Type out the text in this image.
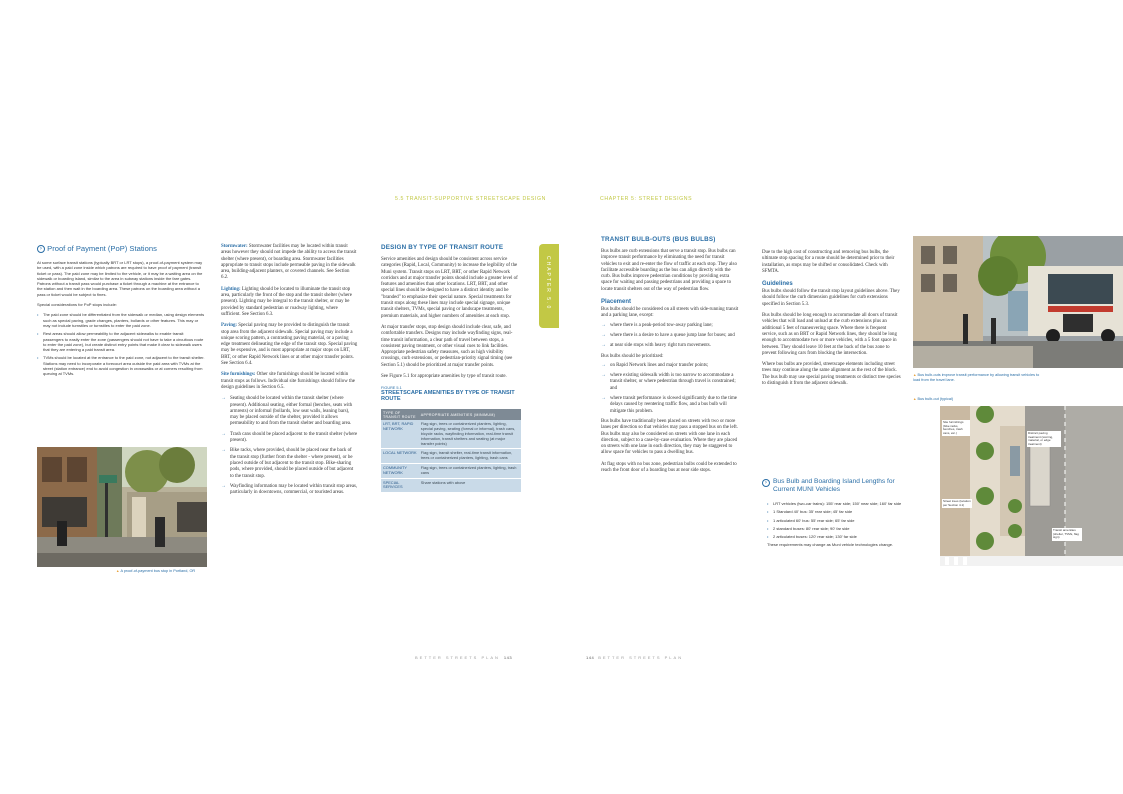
5.5 TRANSIT-SUPPORTIVE STREETSCAPE DESIGN	CHAPTER 5: STREET DESIGNS
› Proof of Payment (PoP) Stations

At some surface transit stations (typically BRT or LRT stops), a proof-of-payment system may be used, with a paid zone inside which patrons are required to have proof of payment (transit ticket or pass). The paid zone may be limited to the vehicle, or it may be a waiting area on the sidewalk or boarding island, similar to the area in subway stations inside the fare gates. Patrons without a transit pass would purchase a ticket through a machine at the entrance to the station and then wait in the boarding area. These patrons on the boarding area without a pass or ticket would be subject to fines.

Special considerations for PoP stops include:

• The paid zone should be differentiated from the sidewalk or median, using design elements such as special paving, grade changes, planters, bollards or other features. This may or may not include turnstiles or turnstiles to enter the paid zone.
• Rest areas should allow permeability to the adjacent sidewalks to enable transit passengers to easily enter the zone (passengers should not have to take a circuitous route to enter the paid zone), but create distinct entry points that make it clear to sidewalk users that they are entering a paid transit area.
• TVMs should be located at the entrance to the paid zone, not adjacent to the transit shelter. Stations may need to incorporate a forecourt area outside the paid area with TVMs at the street (station entrance) end to avoid congestion in crosswalks or at corners resulting from queuing at TVMs.
▲ A proof-of-payment bus stop in Portland, OR

Stormwater: Stormwater facilities may be located within transit areas however they should not impede the ability to access the transit shelter (where present), or boarding area. Stormwater facilities appropriate to transit stops include permeable paving in the sidewalk area, building-adjacent planters, or covered channels. See Section 6.2.

Lighting: Lighting should be located to illuminate the transit stop area, particularly the front of the stop and the transit shelter (where present). Lighting may be integral to the transit shelter, or may be provided by standard pedestrian or roadway lighting, where sufficient. See Section 6.3.

Paving: Special paving may be provided to distinguish the transit stop area from the adjacent sidewalk. Special paving may include a unique scoring pattern, a contrasting paving material, or a paving edge treatment delineating the edge of the transit stop. Special paving may be expensive, and is most appropriate at major stops on LRT, BRT, or other Rapid Network lines or at other major transfer points. See Section 6.4.

Site furnishings: Other site furnishings should be located within transit stops as follows. Individual site furnishings should follow the design guidelines in Section 6.5.

→ Seating should be located within the transit shelter (where present). Additional seating, either formal (benches, seats with armrests) or informal (bollards, low seat walls, leaning bars), may be placed outside of the shelter, provided it allows permeability to and from the transit shelter and boarding area.
→ Trash cans should be placed adjacent to the transit shelter (where present).
→ Bike racks, where provided, should be placed near the back of the transit stop (further from the shelter - where present), or be placed outside of but adjacent to the transit stop. Bike-sharing pods, where provided, should be placed outside of but adjacent to the transit stop.
→ Wayfinding information may be located within transit stop areas, particularly in downtowns, commercial, or touristed areas.
DESIGN BY TYPE OF TRANSIT ROUTE

Service amenities and design should be consistent across service categories (Rapid, Local, Community) to increase the legibility of the Muni system. Transit stops on LRT, BRT, or other Rapid Network corridors and at major transfer points should include a greater level of features and amenities than other locations. LRT, BRT, and other special lines should be designed to have a distinct identity and be "branded" to emphasize their special nature. Special treatments for transit stops along these lines may include special signage, unique transit shelters, TVMs, special paving or landscape treatments, premium materials, and higher numbers of amenities at each stop.

At major transfer stops, stop design should include clear, safe, and comfortable transfers. Designs may include wayfinding signs, real-time transit information, a clear path of travel between stops, a consistent paving treatment, or other visual cues to link facilities. Appropriate pedestrian safety measures, such as high visibility crossings, curb extensions, or pedestrian-priority signal timing (see Section 5.1) should be prioritized at major transfer points.

See Figure 5.1 for appropriate amenities by type of transit route.

FIGURE 5.1
STREETSCAPE AMENITIES BY TYPE OF TRANSIT ROUTE
TYPE OF TRANSIT ROUTE	APPROPRIATE AMENITIES (MINIMUM)
LRT, BRT, RAPID NETWORK	Flag sign, trees or containerized planters, lighting, special paving, seating (formal or informal), trash cans, bicycle racks, wayfinding information, real-time transit information, transit shelters and seating (at major transfer points)
LOCAL NETWORK	Flag sign, transit shelter, real-time transit information, trees or containerized planters, lighting, trash cans
COMMUNITY NETWORK	Flag sign, trees or containerized planters, lighting, trash cans
SPECIAL SERVICES	Share stations with above
CHAPTER 5.0
BETTER STREETS PLAN 143	144 BETTER STREETS PLAN
TRANSIT BULB-OUTS (BUS BULBS)

Bus bulbs are curb extensions that serve a transit stop. Bus bulbs can improve transit performance by eliminating the need for transit vehicles to exit and re-enter the flow of traffic at each stop. They also facilitate accessible boarding as the bus can align directly with the curb. Bus bulbs improve pedestrian conditions by providing extra space for waiting and passing pedestrians and providing a space to locate transit shelters out of the way of pedestrian flow.

Placement

Bus bulbs should be considered on all streets with side-running transit and a parking lane, except:

→ where there is a peak-period tow-away parking lane;
→ where there is a desire to have a queue jump lane for buses; and
→ at near side stops with heavy right turn movements.

Bus bulbs should be prioritized:

→ on Rapid Network lines and major transfer points;
→ where existing sidewalk width is too narrow to accommodate a transit shelter, or where pedestrian through travel is constrained; and
→ where transit performance is slowed significantly due to the time delays caused by reentering traffic flow, and a bus bulb will mitigate this problem.

Bus bulbs have traditionally been placed on streets with two or more lanes per direction so that vehicles may pass a stopped bus on the left. Bus bulbs may also be considered on streets with one lane in each direction, subject to a case-by-case evaluation. Where they are placed on streets with one lane in each direction, they may be staggered to allow space for vehicles to pass a dwelling bus.

At flag stops with no bus zone, pedestrian bulbs could be extended to reach the front door of a boarding bus at near side stops.

Due to the high cost of constructing and removing bus bulbs, the ultimate stop spacing for a route should be determined prior to their installation, as stops may be shifted or consolidated. Check with SFMTA.

Guidelines

Bus bulbs should follow the transit stop layout guidelines above. They should follow the curb dimension guidelines for curb extensions specified in Section 5.3.

Bus bulbs should be long enough to accommodate all doors of transit vehicles that will load and unload at the curb extensions plus an additional 5 feet of maneuvering space. Where there is frequent service, such as on BRT or Rapid Network lines, they should be long enough to accommodate two or more vehicles, with a 5 foot space in between. They should leave 10 feet at the back of the bus zone to prevent following cars from blocking the intersection.

Where bus bulbs are provided, streetscape elements including street trees may continue along the same alignment as the rest of the block. The bus bulb may use special paving treatments or distinct tree species to distinguish it from the adjacent sidewalk.

› Bus Bulb and Boarding Island Lengths for Current MUNI Vehicles
• LRT vehicles (two-car trains): 155' rear side; 150' near side; 160' far side
• 1 Standard 40' bus: 35' rear side; 45' far side
• 1 articulated 60' bus: 55' rear side; 65' far side
• 2 standard buses: 80' rear side; 90' far side
• 2 articulated buses: 120' rear side; 130' far side

These requirements may change as Muni vehicle technologies change.

▲ Bus bulb-outs improve transit performance by allowing transit vehicles to load from the travel lane.
▲ Bus bulb-out (typical)
Site furnishings (bike racks, benches, trash cans, etc.)	Distinct paving treatment (scoring, material, or edge treatment)
Street trees (location per Section 4.1)
Transit amenities (shelter, TVMs, flag sign)
